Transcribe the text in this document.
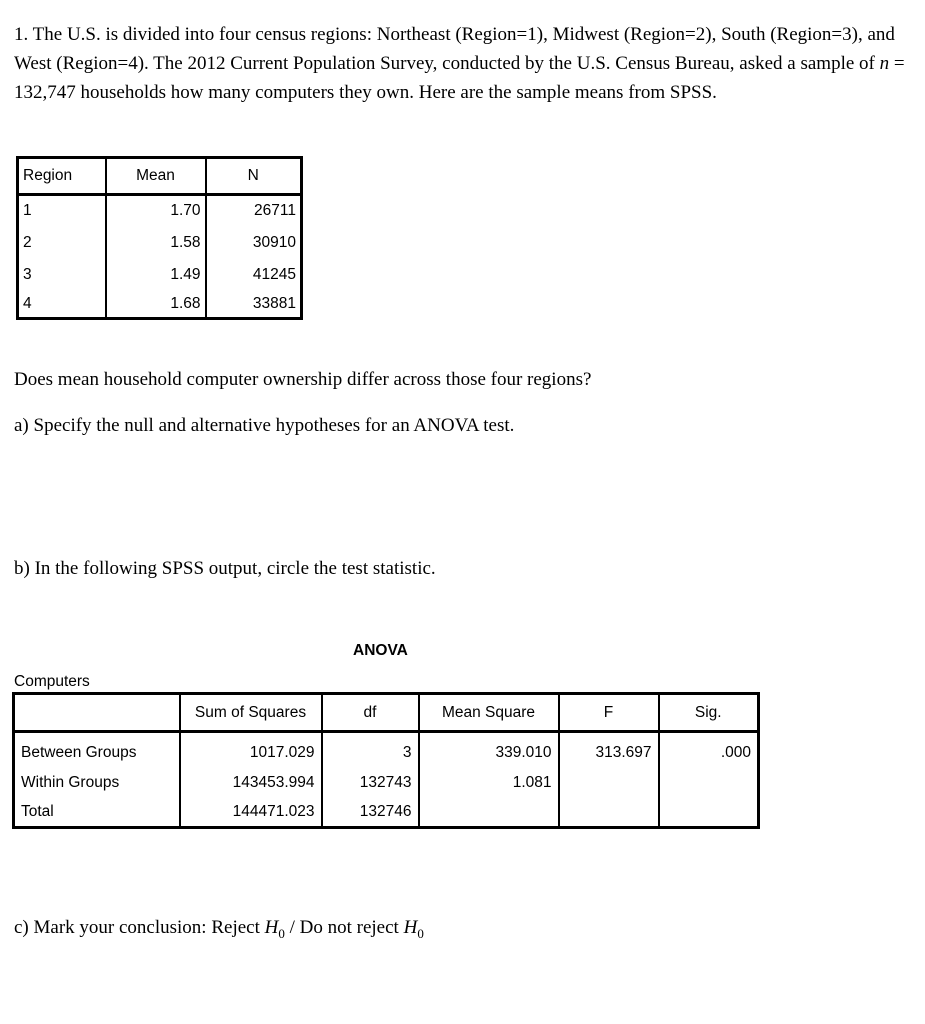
1. The U.S. is divided into four census regions: Northeast (Region=1), Midwest (Region=2), South (Region=3), and West (Region=4). The 2012 Current Population Survey, conducted by the U.S. Census Bureau, asked a sample of n = 132,747 households how many computers they own. Here are the sample means from SPSS.
Region	Mean	N
1	1.70	26711
2	1.58	30910
3	1.49	41245
4	1.68	33881
Does mean household computer ownership differ across those four regions?
a) Specify the null and alternative hypotheses for an ANOVA test.
b) In the following SPSS output, circle the test statistic.
ANOVA
Computers
	Sum of Squares	df	Mean Square	F	Sig.
Between Groups	1017.029	3	339.010	313.697	.000
Within Groups	143453.994	132743	1.081		
Total	144471.023	132746			
c) Mark your conclusion: Reject $H_0$ / Do not reject $H_0$
